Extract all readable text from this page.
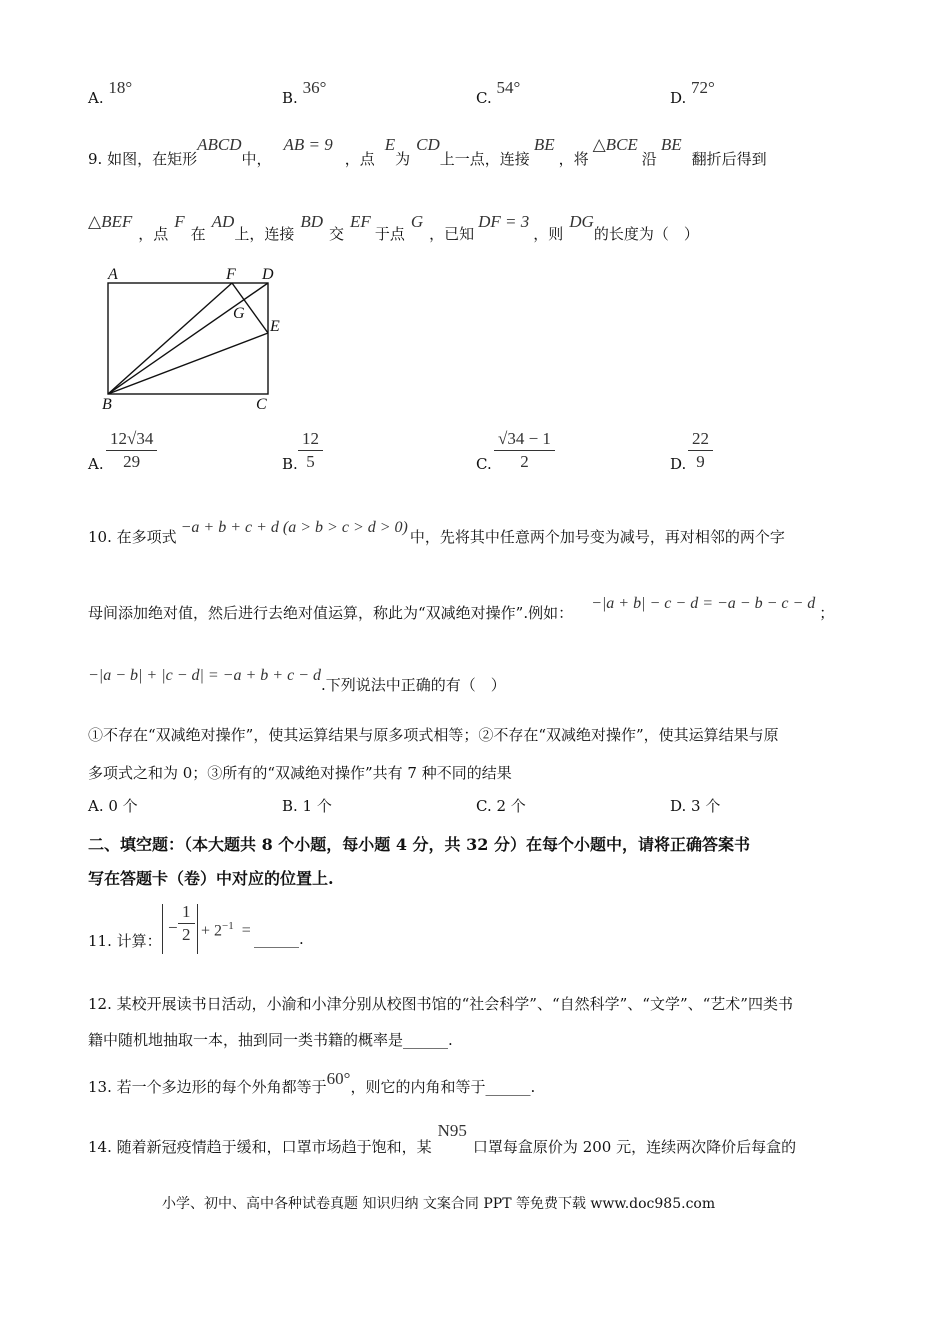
A. 18°
B. 36°
C. 54°
D. 72°
9. 如图，在矩形ABCD中，AB = 9，点E为CD上一点，连接BE，将△BCE沿BE翻折后得到
△BEF，点F在AD上，连接BD交EF于点G，已知DF = 3，则DG的长度为（　）
A	F D
G
E
B	C
A.
12√34
29	B.
12
5	C.
√34 − 1
2	D.
22
9
10. 在多项式−a + b + c + d (a > b > c > d > 0)中，先将其中任意两个加号变为减号，再对相邻的两个字
母间添加绝对值，然后进行去绝对值运算，称此为“双减绝对操作”.例如：−|a + b| − c − d = −a − b − c − d；
−|a − b| + |c − d| = −a + b + c − d.下列说法中正确的有（　）
①不存在“双减绝对操作”，使其运算结果与原多项式相等；②不存在“双减绝对操作”，使其运算结果与原
多项式之和为 0；③所有的“双减绝对操作”共有 7 种不同的结果
A. 0 个	B. 1 个	C. 2 个	D. 3 个
二、填空题：（本大题共 8 个小题，每小题 4 分，共 32 分）在每个小题中，请将正确答案书
写在答题卡（卷）中对应的位置上.
11. 计算：
−
1
$2 + 2^{-1}$ = ______.
12. 某校开展读书日活动，小渝和小津分别从校图书馆的“社会科学”、“自然科学”、“文学”、“艺术”四类书
籍中随机地抽取一本，抽到同一类书籍的概率是______.
13. 若一个多边形的每个外角都等于60°，则它的内角和等于______.
14. 随着新冠疫情趋于缓和，口罩市场趋于饱和，某N95口罩每盒原价为 200 元，连续两次降价后每盒的
小学、初中、高中各种试卷真题 知识归纳 文案合同 PPT 等免费下载 www.doc985.com
